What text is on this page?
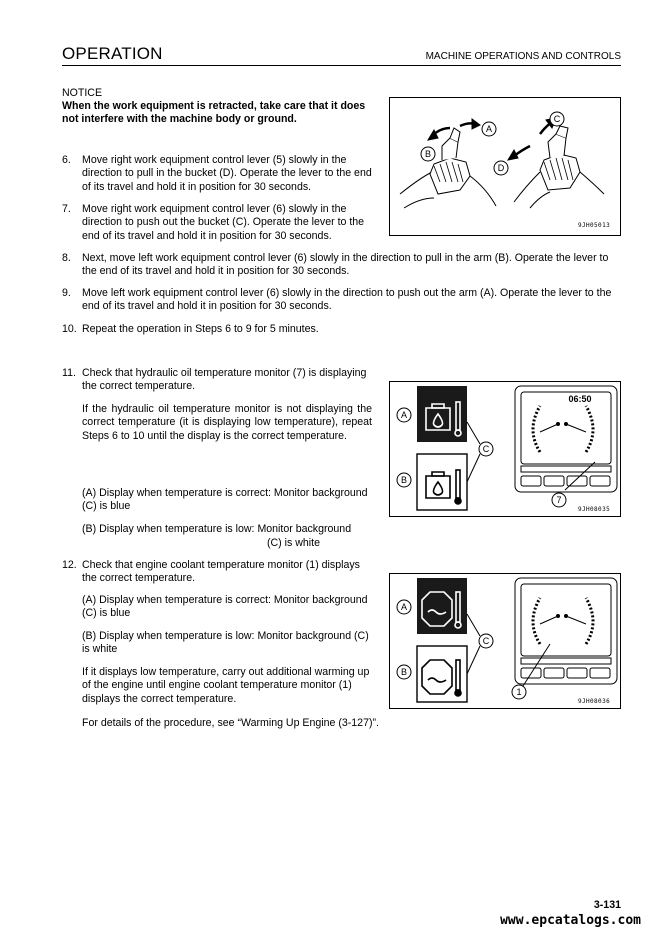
OPERATION	MACHINE OPERATIONS AND CONTROLS
NOTICE
When the work equipment is retracted, take care that it does not interfere with the machine body or ground.
6. Move right work equipment control lever (5) slowly in the direction to pull in the bucket (D). Operate the lever to the end of its travel and hold it in position for 30 seconds.
7. Move right work equipment control lever (6) slowly in the direction to push out the bucket (C). Operate the lever to the end of its travel and hold it in position for 30 seconds.
8. Next, move left work equipment control lever (6) slowly in the direction to pull in the arm (B). Operate the lever to the end of its travel and hold it in position for 30 seconds.
9. Move left work equipment control lever (6) slowly in the direction to push out the arm (A). Operate the lever to the end of its travel and hold it in position for 30 seconds.
10. Repeat the operation in Steps 6 to 9 for 5 minutes.
11. Check that hydraulic oil temperature monitor (7) is displaying the correct temperature.
If the hydraulic oil temperature monitor is not displaying the correct temperature (it is displaying low temperature), repeat Steps 6 to 10 until the display is the correct temperature.
(A) Display when temperature is correct: Monitor background (C) is blue
(B) Display when temperature is low: Monitor background
(C) is white
12. Check that engine coolant temperature monitor (1) displays the correct temperature.
(A) Display when temperature is correct: Monitor background (C) is blue
(B) Display when temperature is low: Monitor background (C) is white
If it displays low temperature, carry out additional warming up of the engine until engine coolant temperature monitor (1) displays the correct temperature.
For details of the procedure, see “Warming Up Engine (3-127)”.
A
B
C
D
9JH05013
A
B
C
06:50
7
9JH08035
A
B
C
1
9JH08036
3-131
www.epcatalogs.com
